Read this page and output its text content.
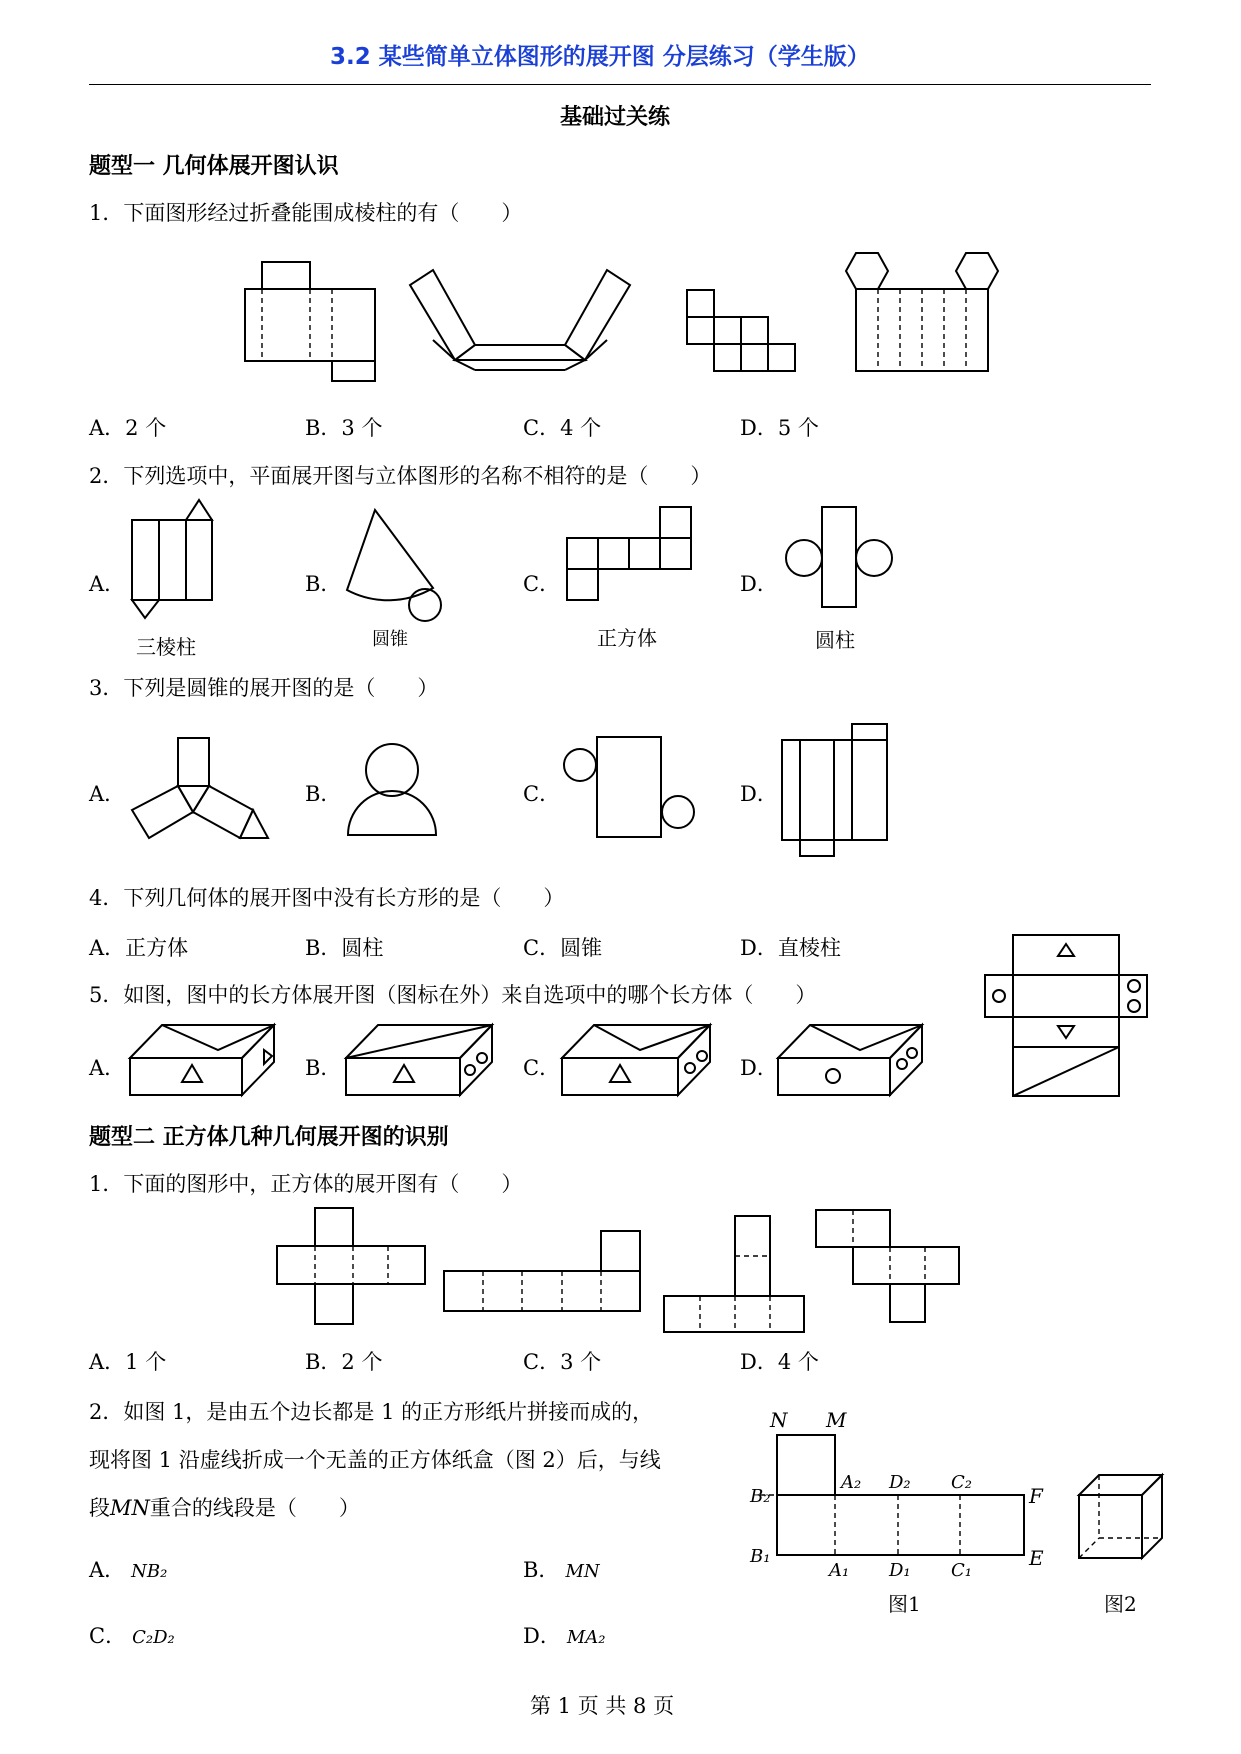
3.2 某些简单立体图形的展开图 分层练习（学生版）
基础过关练
题型一 几何体展开图认识
1．下面图形经过折叠能围成棱柱的有（　　）
A．2 个	B．3 个	C．4 个	D．5 个
2．下列选项中，平面展开图与立体图形的名称不相符的是（　　）
A．	B．	C．	D．
三棱柱	圆锥	正方体	圆柱
3．下列是圆锥的展开图的是（　　）
A．	B．	C．	D．
4．下列几何体的展开图中没有长方形的是（　　）
A．正方体	B．圆柱	C．圆锥	D．直棱柱
5．如图，图中的长方体展开图（图标在外）来自选项中的哪个长方体（　　）
A．	B．	C．	D．
题型二 正方体几种几何展开图的识别
1．下面的图形中，正方体的展开图有（　　）
A．1 个	B．2 个	C．3 个	D．4 个
2．如图 1，是由五个边长都是 1 的正方形纸片拼接而成的，
现将图 1 沿虚线折成一个无盖的正方体纸盒（图 2）后，与线
段MN重合的线段是（　　）
A． NB₂	B． MN
C． C₂D₂	D． MA₂
N M
A₂ D₂ C₂
F
B₂
B₁
A₁ D₁ C₁
E
图1	图2
第 1 页 共 8 页
